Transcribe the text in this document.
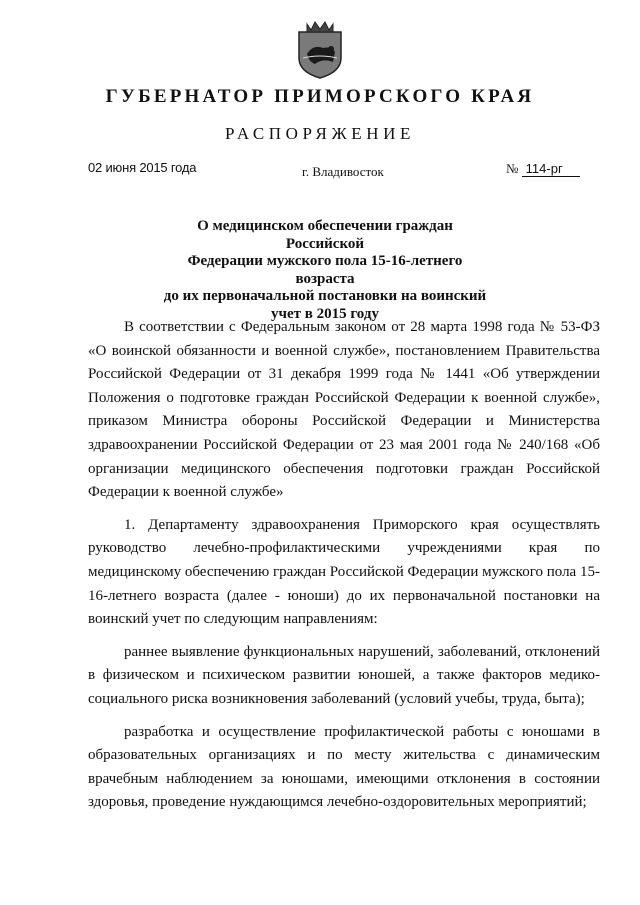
ГУБЕРНАТОР ПРИМОРСКОГО КРАЯ
РАСПОРЯЖЕНИЕ
02 июня 2015 года	г. Владивосток	№ 114-рг
О медицинском обеспечении граждан Российской
Федерации мужского пола 15-16-летнего возраста
до их первоначальной постановки на воинский
учет в 2015 году

В соответствии с Федеральным законом от 28 марта 1998 года № 53-ФЗ «О воинской обязанности и военной службе», постановлением Правительства Российской Федерации от 31 декабря 1999 года № 1441 «Об утверждении Положения о подготовке граждан Российской Федерации к военной службе», приказом Министра обороны Российской Федерации и Министерства здравоохранении Российской Федерации от 23 мая 2001 года № 240/168 «Об организации медицинского обеспечения подготовки граждан Российской Федерации к военной службе»

1. Департаменту здравоохранения Приморского края осуществлять руководство лечебно-профилактическими учреждениями края по медицинскому обеспечению граждан Российской Федерации мужского пола 15-16-летнего возраста (далее - юноши) до их первоначальной постановки на воинский учет по следующим направлениям:

раннее выявление функциональных нарушений, заболеваний, отклонений в физическом и психическом развитии юношей, а также факторов медико-социального риска возникновения заболеваний (условий учебы, труда, быта);

разработка и осуществление профилактической работы с юношами в образовательных организациях и по месту жительства с динамическим врачебным наблюдением за юношами, имеющими отклонения в состоянии здоровья, проведение нуждающимся лечебно-оздоровительных мероприятий;
